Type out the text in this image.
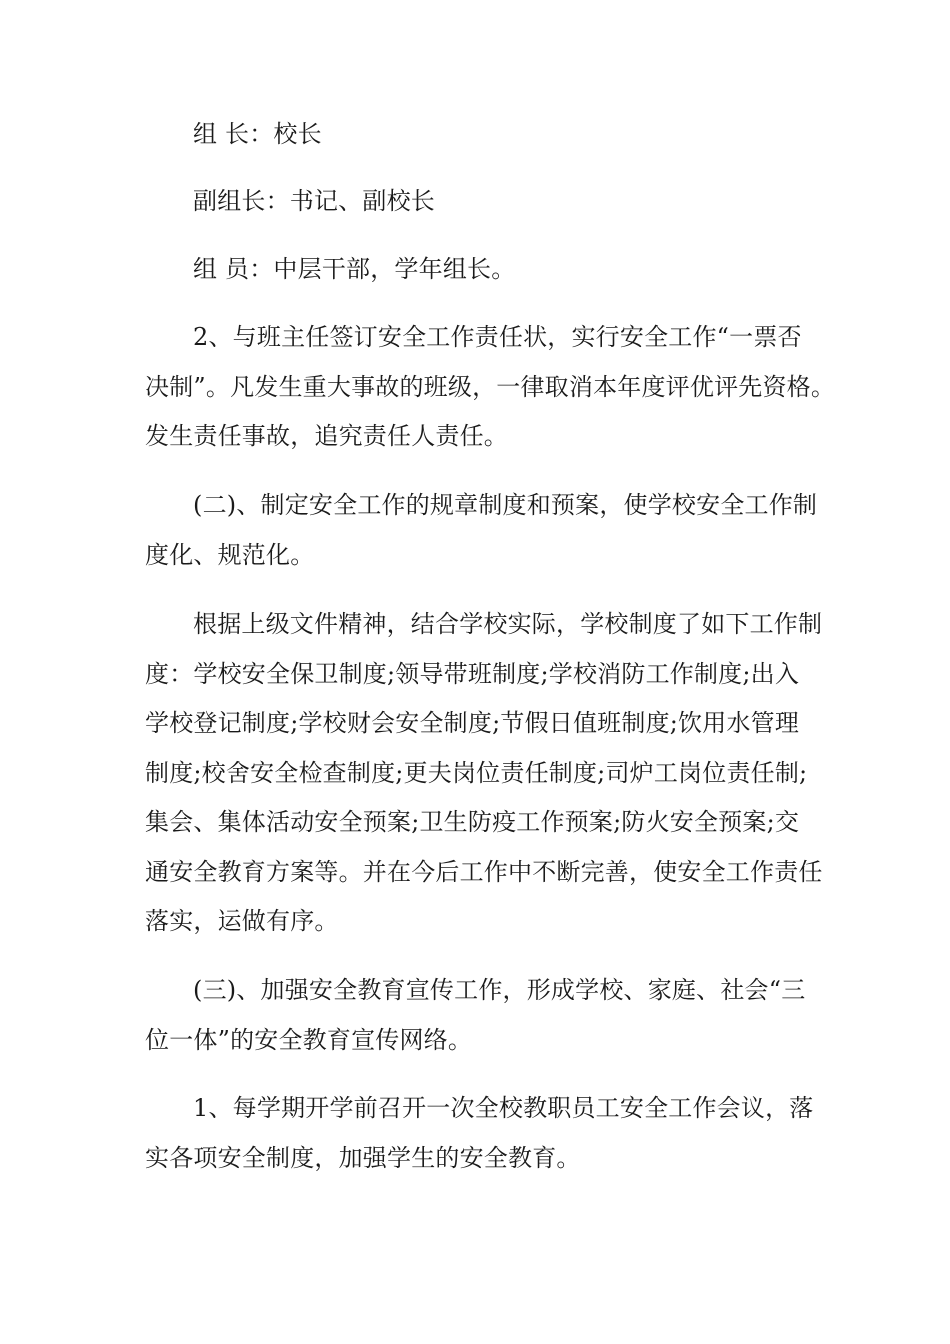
组 长：校长

副组长：书记、副校长

组 员：中层干部，学年组长。

2、与班主任签订安全工作责任状，实行安全工作“一票否
决制”。凡发生重大事故的班级，一律取消本年度评优评先资格。
发生责任事故，追究责任人责任。

(二)、制定安全工作的规章制度和预案，使学校安全工作制
度化、规范化。

根据上级文件精神，结合学校实际，学校制度了如下工作制
度：学校安全保卫制度;领导带班制度;学校消防工作制度;出入
学校登记制度;学校财会安全制度;节假日值班制度;饮用水管理
制度;校舍安全检查制度;更夫岗位责任制度;司炉工岗位责任制;
集会、集体活动安全预案;卫生防疫工作预案;防火安全预案;交
通安全教育方案等。并在今后工作中不断完善，使安全工作责任
落实，运做有序。

(三)、加强安全教育宣传工作，形成学校、家庭、社会“三
位一体”的安全教育宣传网络。

1、每学期开学前召开一次全校教职员工安全工作会议，落
实各项安全制度，加强学生的安全教育。
